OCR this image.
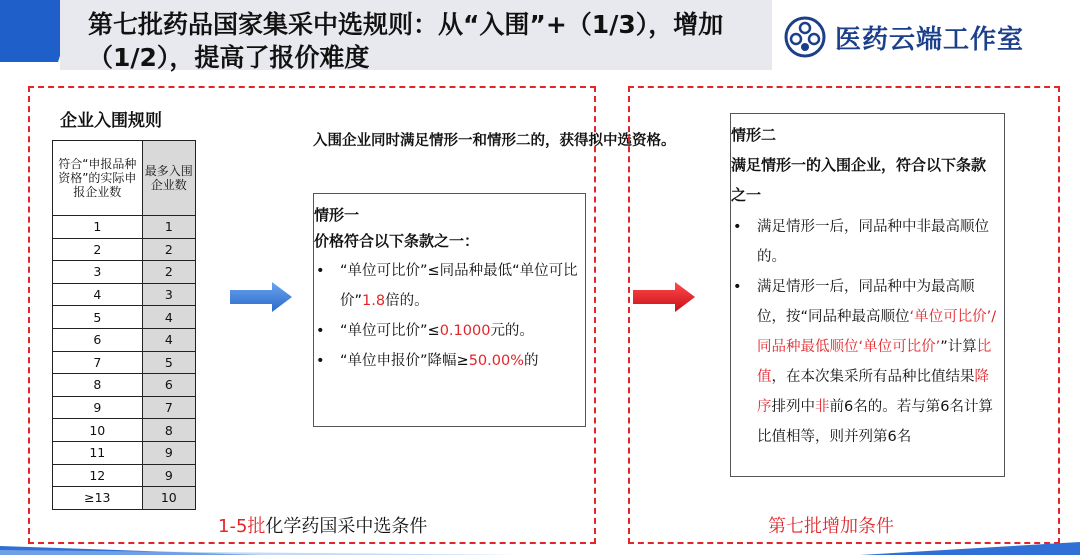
第七批药品国家集采中选规则：从“入围”+（1/3），增加（1/2），提高了报价难度
医药云端工作室
企业入围规则
符合“申报品种资格”的实际申报企业数	最多入围企业数
1	1
2	2
3	2
4	3
5	4
6	4
7	5
8	6
9	7
10	8
11	9
12	9
≥13	10
入围企业同时满足情形一和情形二的，获得拟中选资格。
情形一
价格符合以下条款之一：
• “单位可比价”≤同品种最低“单位可比价”1.8倍的。
• “单位可比价”≤0.1000元的。
• “单位申报价”降幅≥50.00%的
1-5批化学药国采中选条件
情形二
满足情形一的入围企业，符合以下条款之一
• 满足情形一后，同品种中非最高顺位的。
• 满足情形一后，同品种中为最高顺位，按“同品种最高顺位‘单位可比价’/同品种最低顺位‘单位可比价’”计算比值，在本次集采所有品种比值结果降序排列中非前6名的。若与第6名计算比值相等，则并列第6名
第七批增加条件
